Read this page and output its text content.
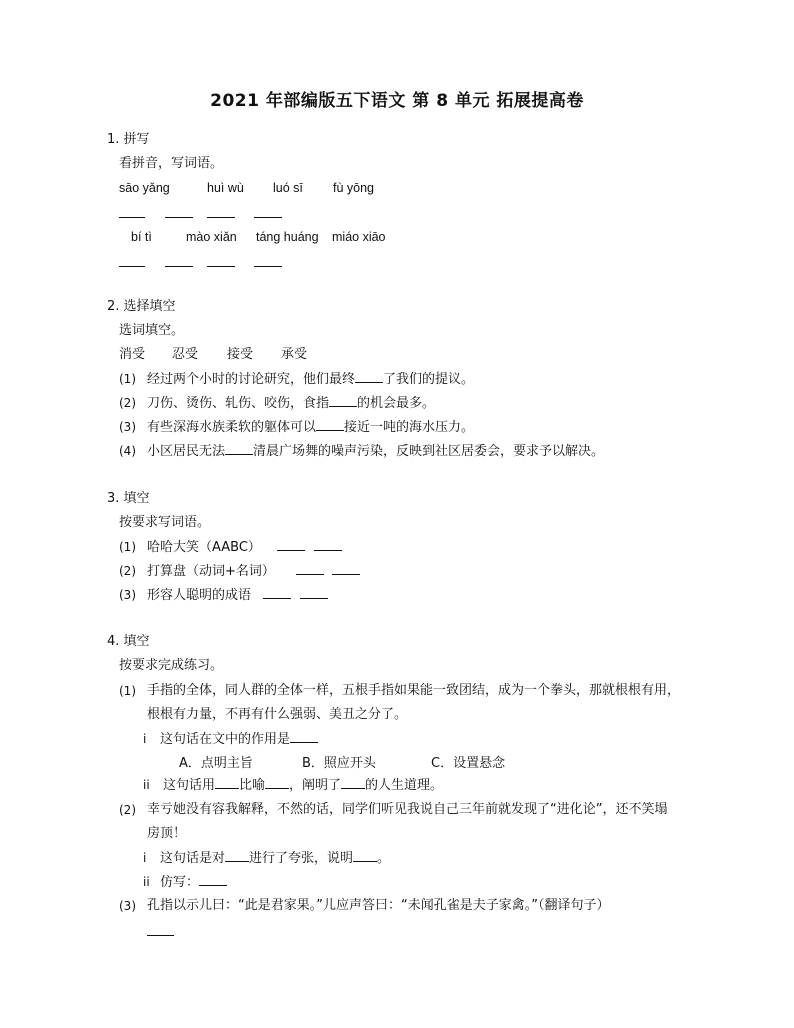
2021 年部编版五下语文 第 8 单元 拓展提高卷
1. 拼写
看拼音，写词语。
sāo yǎng	huì wù luó sī fù yōng
bí tì	mào xiǎn táng huáng miáo xiāo
2. 选择填空
选词填空。
消受 忍受 接受 承受
(1) 经过两个小时的讨论研究，他们最终 了我们的提议。
(2) 刀伤、烫伤、轧伤、咬伤，食指 的机会最多。
(3) 有些深海水族柔软的躯体可以 接近一吨的海水压力。
(4) 小区居民无法 清晨广场舞的噪声污染，反映到社区居委会，要求予以解决。
3. 填空
按要求写词语。
(1) 哈哈大笑（AABC）
(2) 打算盘（动词+名词）
(3) 形容人聪明的成语
4. 填空
按要求完成练习。
(1) 手指的全体，同人群的全体一样，五根手指如果能一致团结，成为一个拳头，那就根根有用，
根根有力量，不再有什么强弱、美丑之分了。
i 这句话在文中的作用是
A．点明主旨	B．照应开头	C．设置悬念
ii 这句话用 比喻 ，阐明了 的人生道理。
(2) 幸亏她没有容我解释，不然的话，同学们听见我说自己三年前就发现了“进化论”，还不笑塌
房顶！
i 这句话是对 进行了夸张，说明 。
ii 仿写：
(3) 孔指以示儿曰：“此是君家果。”儿应声答曰：“未闻孔雀是夫子家禽。”（翻译句子）
